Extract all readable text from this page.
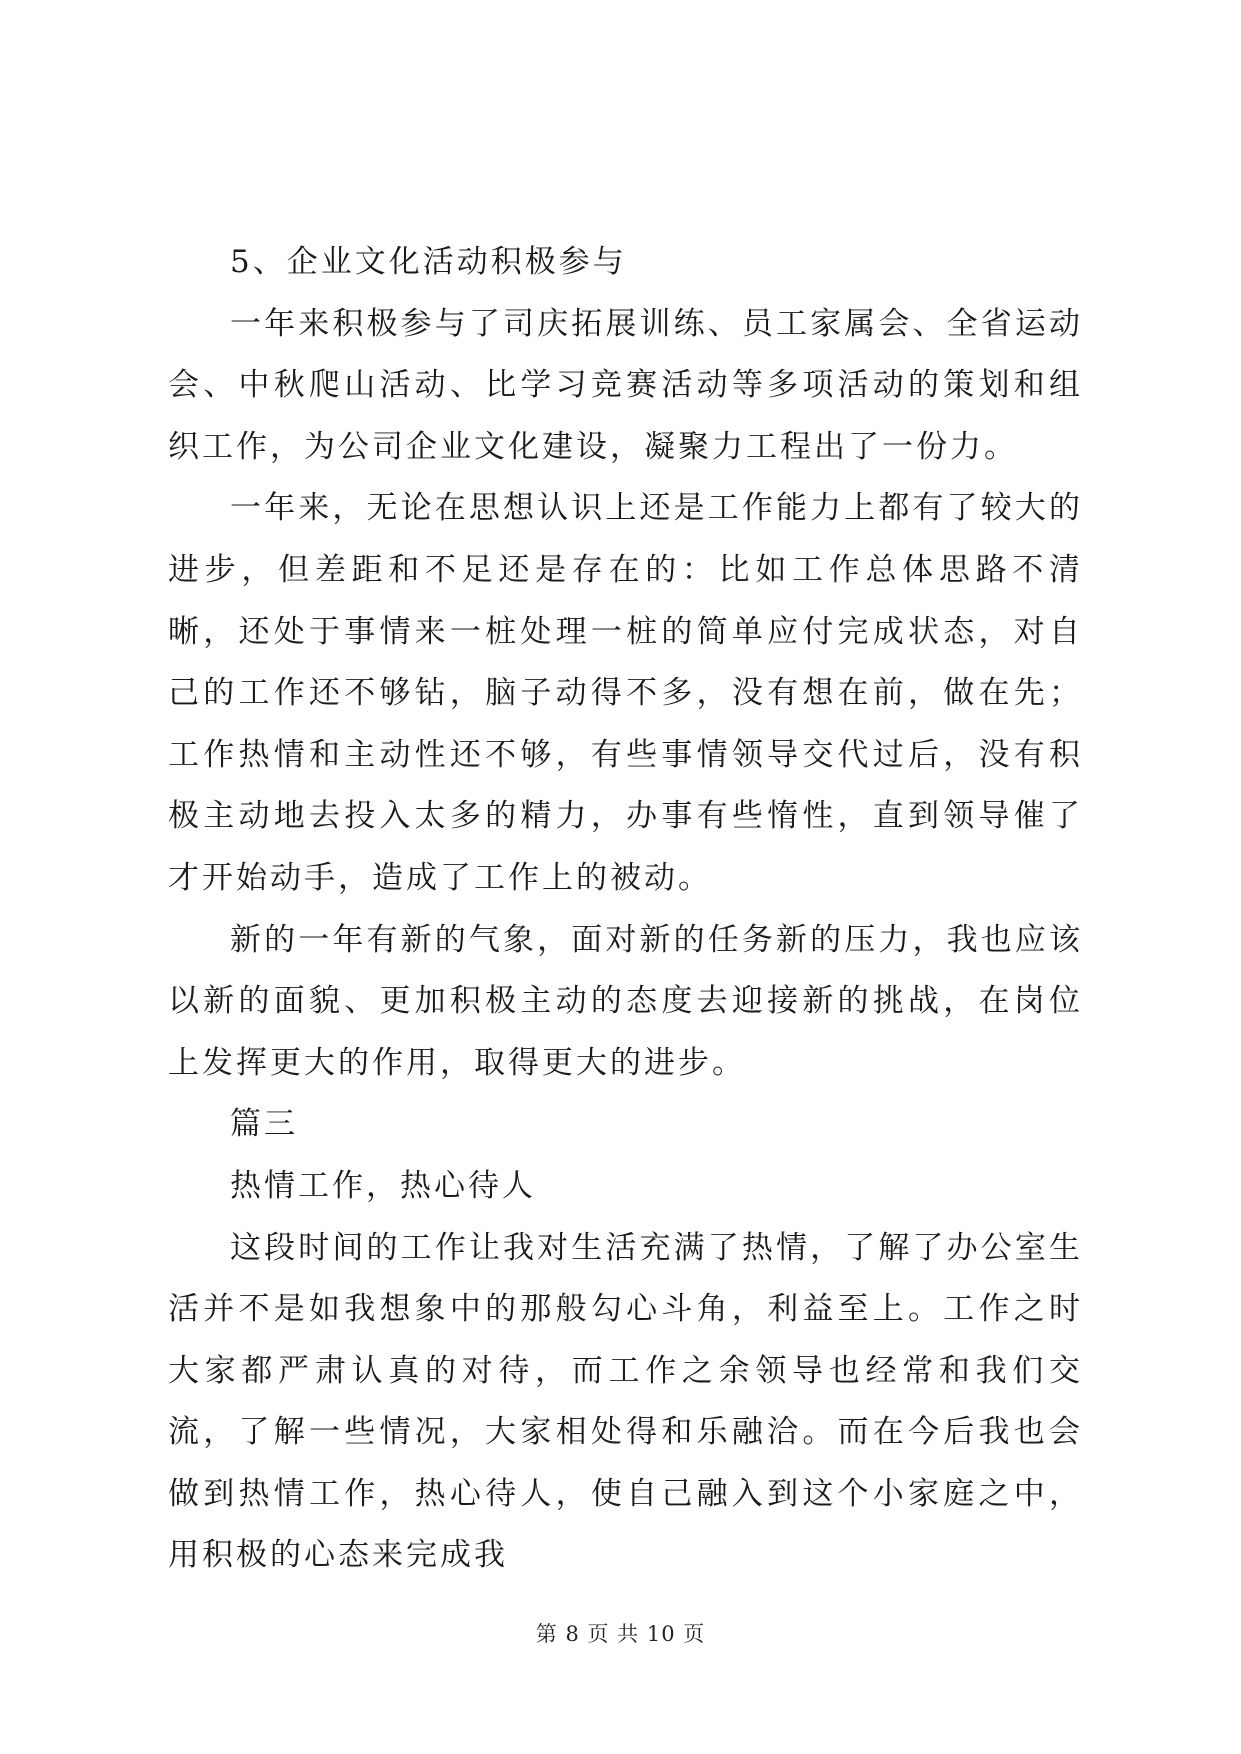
5、企业文化活动积极参与

一年来积极参与了司庆拓展训练、员工家属会、全省运动会、中秋爬山活动、比学习竞赛活动等多项活动的策划和组织工作，为公司企业文化建设，凝聚力工程出了一份力。

一年来，无论在思想认识上还是工作能力上都有了较大的进步，但差距和不足还是存在的：比如工作总体思路不清晰，还处于事情来一桩处理一桩的简单应付完成状态，对自己的工作还不够钻，脑子动得不多，没有想在前，做在先；工作热情和主动性还不够，有些事情领导交代过后，没有积极主动地去投入太多的精力，办事有些惰性，直到领导催了才开始动手，造成了工作上的被动。

新的一年有新的气象，面对新的任务新的压力，我也应该以新的面貌、更加积极主动的态度去迎接新的挑战，在岗位上发挥更大的作用，取得更大的进步。

篇三

热情工作，热心待人

这段时间的工作让我对生活充满了热情，了解了办公室生活并不是如我想象中的那般勾心斗角，利益至上。工作之时大家都严肃认真的对待，而工作之余领导也经常和我们交流，了解一些情况，大家相处得和乐融洽。而在今后我也会做到热情工作，热心待人，使自己融入到这个小家庭之中，用积极的心态来完成我

第 8 页 共 10 页
